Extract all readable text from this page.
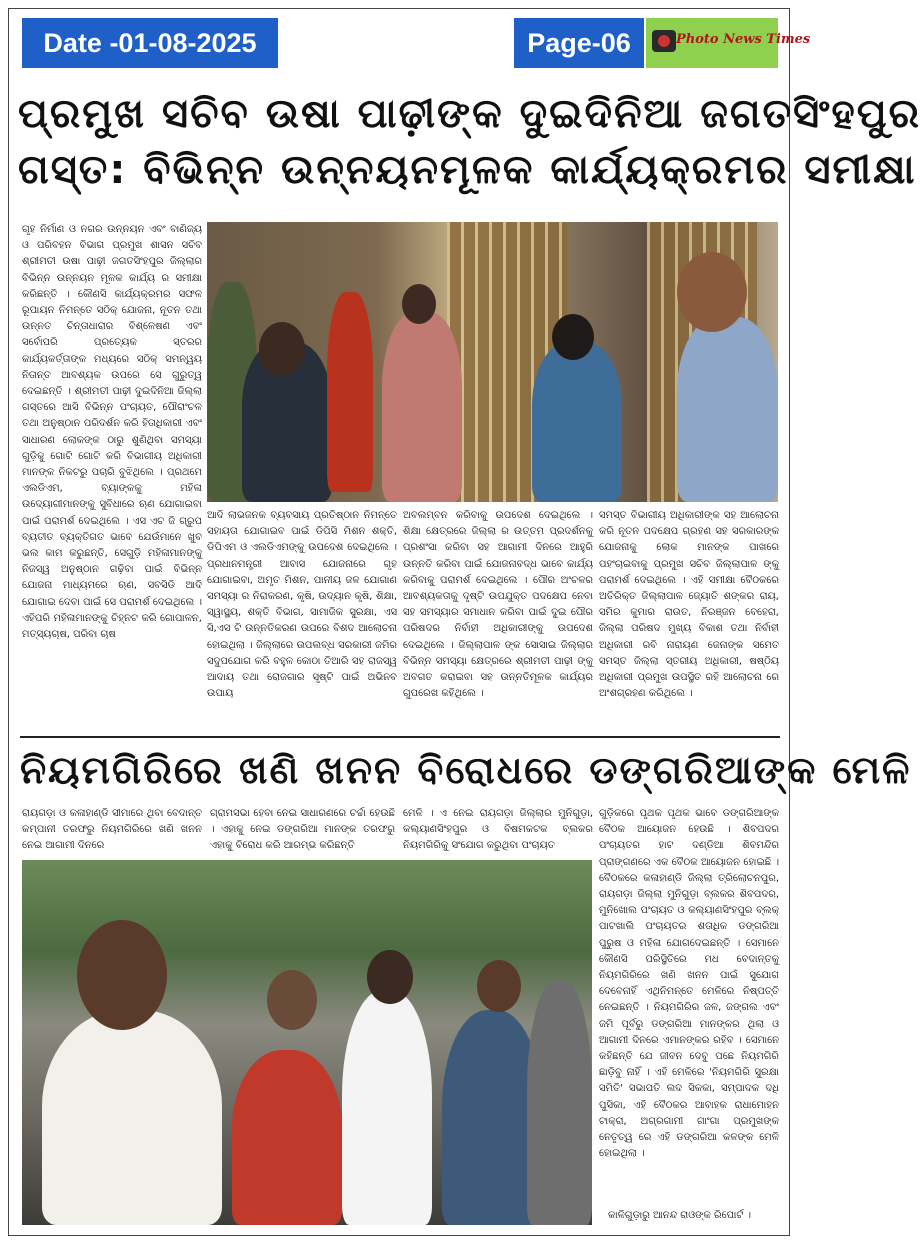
Date -01-08-2025	Page-06	Photo News Times
ପ୍ରମୁଖ ସଚିବ ଉଷା ପାଢ଼ୀଙ୍କ ଦୁଇଦିନିଆ ଜଗତସିଂହପୁର
ଗସ୍ତ: ବିଭିନ୍ନ ଉନ୍ନୟନମୂଳକ କାର୍ଯ୍ୟକ୍ରମର ସମୀକ୍ଷା
ଗୃହ ନିର୍ମାଣ ଓ ନଗର ଉନ୍ନୟନ ଏବଂ ବାଣିଜ୍ୟ ଓ ପରିବହନ ବିଭାଗ ପ୍ରମୁଖ ଶାସନ ସଚିବ ଶ୍ରୀମତୀ ଉଷା ପାଢ଼ୀ ଜଗତସିଂହପୁର ଜିଲ୍ଲାର ବିଭିନ୍ନ ଉନ୍ନୟନ ମୂଳକ କାର୍ଯ୍ୟ ର ସମୀକ୍ଷା କରିଛନ୍ତି । କୌଣସି କାର୍ଯ୍ୟକ୍ରମର ସଫଳ ରୂପାୟନ ନିମନ୍ତେ ସଠିକ୍ ଯୋଜନା, ନୂତନ ତଥା ଉନ୍ନତ ଚିନ୍ତାଧାରାର ବିଶ୍ଳେଷଣ ଏବଂ ସର୍ବୋପରି ପ୍ରତ୍ୟେକ ସ୍ତରର କାର୍ଯ୍ୟକର୍ତ୍ତାଙ୍କ ମଧ୍ୟରେ ସଠିକ୍ ସମନ୍ୱୟ ନିତାନ୍ତ ଆବଶ୍ୟକ ଉପରେ ସେ ଗୁରୁତ୍ୱ ଦେଇଛନ୍ତି । ଶ୍ରୀମତୀ ପାଢ଼ୀ ଦୁଇଦିନିଆ ଜିଲ୍ଲା ଗସ୍ତରେ ଆସି ବିଭିନ୍ନ ପଂଚାୟତ, ପୌରାଂଚଳ ତଥା ଅନୁଷ୍ଠାନ ପରିଦର୍ଶନ କରି ହିତାଧିକାରୀ ଏବଂ ସାଧାରଣ ଲୋକଙ୍କ ଠାରୁ ଶୁଣିଥିବା ସମସ୍ୟା ଗୁଡ଼ିକୁ ଗୋଟି ଗୋଟି କରି ବିଭାଗୀୟ ଅଧିକାରୀ ମାନଙ୍କ ନିକଟରୁ ପଚାରି ବୁଝିଥିଲେ । ପ୍ରଥମେ ଏଲଡିଏମ, ବ୍ୟାଙ୍କକୁ ମହିଳା ଉଦ୍ୟୋଗୀମାନଙ୍କୁ ସୁବିଧାରେ ଋଣ ଯୋଗାଇବା ପାଇଁ ପରାମର୍ଶ ଦେଇଥିଲେ । ଏସ ଏଚ ଜି ଗ୍ରୁପ ବ୍ୟତୀତ ବ୍ୟକ୍ତିଗତ ଭାବେ ଯେଉଁମାନେ ଖୁବ ଭଲ କାମ କରୁଛନ୍ତି, ସେଗୁଡ଼ି ମହିଳାମାନଙ୍କୁ ନିଜସ୍ୱ ଅନୁଷ୍ଠାନ ଗଢ଼ିବା ପାଇଁ ବିଭିନ୍ନ ଯୋଜନା ମାଧ୍ୟମରେ ଋଣ, ସବସିଡି ଆଦି ଯୋଗାଇ ଦେବା ପାଇଁ ସେ ପରାମର୍ଶ ଦେଇଥିଲେ । ଏହିପରି ମହିଳାମାନଙ୍କୁ ଚିହ୍ନଟ କରି ଗୋପାଳନ, ମତ୍ସ୍ୟଚାଷ, ପରିବା ଚାଷ
ଆଦି ଲାଭଜନକ ବ୍ୟବସାୟ ପ୍ରତିଷ୍ଠାନ ନିମନ୍ତେ ସହାୟତା ଯୋଗାଇବ ପାଇଁ ଡିପିସି ମିଶନ ଶକ୍ତି, ଡିପିଏମ ଓ ଏଲଡିଏମଙ୍କୁ ଉପଦେଶ ଦେଇଥିଲେ । ପ୍ରଧାନମନ୍ତ୍ରୀ ଆବାସ ଯୋଜନାରେ ଗୃହ ଯୋଗାଇବା, ଅମୃତ ମିଶନ, ପାନୀୟ ଜଳ ଯୋଗାଣ ସମସ୍ୟା ର ନିରାକରଣ, କୃଷି, ଉଦ୍ୟାନ କୃଷି, ଶିକ୍ଷା, ସ୍ୱାସ୍ଥ୍ୟ, ଶକ୍ତି ବିଭାଗ, ସାମାଜିକ ସୁରକ୍ଷା, ଏସ ସି,ଏସ ଟି ଉନ୍ନତିକରଣ ଉପରେ ବିଶଦ ଆଲୋଚନା ହୋଇଥିଲା । ଜିଲ୍ଲାରେ ଉପଲବ୍ଧ ସରକାରୀ ଜମିର ସଦୁପଯୋଗ କରି ବହୁଳ କୋଠା ତିଆରି ସହ ରାଜସ୍ୱ ଆଦାୟ ତଥା ରୋଜଗାର ସୃଷ୍ଟି ପାଇଁ ଅଭିନବ ଉପାୟ
ଅବଲମ୍ବନ କରିବାକୁ ଉପଦେଶ ଦେଇଥିଲେ । ଶିକ୍ଷା କ୍ଷେତ୍ରରେ ଜିଲ୍ଲା ର ଉତ୍ତମ ପ୍ରଦର୍ଶନକୁ ପ୍ରଶଂସା କରିବା ସହ ଆଗାମୀ ଦିନରେ ଆହୁରି ଉନ୍ନତି କରିବା ପାଇଁ ଯୋଜନାବଦ୍ଧ ଭାବେ କାର୍ଯ୍ୟ କରିବାକୁ ପରାମର୍ଶ ଦେଇଥିଲେ । ପୌର ଅଂଚଳର ଆବଶ୍ୟକତାକୁ ଦୃଷ୍ଟି ଉପଯୁକ୍ତ ପଦକ୍ଷେପ ନେବା ସହ ସମସ୍ୟାର ସମାଧାନ କରିବା ପାଇଁ ଦୁଇ ପୌର ପରିଷଦର ନିର୍ବାହୀ ଅଧିକାରୀଙ୍କୁ ଉପଦେଶ ଦେଇଥିଲେ । ଜିଲ୍ଲାପାଳ ଙ୍କ ସୋସାଇ ଜିଲ୍ଲାର ବିଭିନ୍ନ ସମସ୍ୟା କ୍ଷେତ୍ରରେ ଶ୍ରୀମତୀ ପାଢ଼ୀ ଙ୍କୁ ଅବଗତ କରାଇବା ସହ ଉନ୍ନତିମୂଳକ କାର୍ଯ୍ୟର ଗୁପରେଖ କହିଥିଲେ ।
ସମସ୍ତ ବିଭାଗୀୟ ଅଧିକାରୀଙ୍କ ସହ ଆଲୋଚନା କରି ନୂତନ ପଦକ୍ଷେପ ଗ୍ରହଣ ସହ ସରକାରଙ୍କ ଯୋଜନାକୁ ଲୋକ ମାନଙ୍କ ପାଖରେ ପହଂଚାଇବାକୁ ପ୍ରମୁଖ ସଚିବ ଜିଲ୍ଲାପାଳ ଙ୍କୁ ପରାମର୍ଶ ଦେଇଥିଲେ । ଏହି ସମୀକ୍ଷା ବୈଠକରେ ଅତିରିକ୍ତ ଜିଲ୍ଲାପାଳ ଜ୍ୟୋତି ଶଙ୍କର ରାୟ, ସମିର କୁମାର ରାଉତ, ନିରଞ୍ଜନ ବେହେରା, ଜିଲ୍ଲା ପରିଷଦ ମୁଖ୍ୟ ବିକାଶ ତଥା ନିର୍ବାହୀ ଅଧିକାରୀ ରବି ନାରାୟଣ ଜେନାଙ୍କ ସମେତ ସମସ୍ତ ଜିଲ୍ଲା ସ୍ତରୀୟ ଅଧିକାରୀ, ଷଷ୍ଠିୟ ଅଧିକାରୀ ପ୍ରମୁଖ ଉପସ୍ଥିତ ରହି ଆଲୋଚନା ରେ ଅଂଶଗ୍ରହଣ କରିଥିଲେ ।
ନିୟମଗିରିରେ ଖଣି ଖନନ ବିରୋଧରେ ଡଙ୍ଗରିଆଙ୍କ ମେଳି
ରାୟଗଡ଼ା ଓ କଳାହାଣ୍ଡି ସୀମାରେ ଥିବା ବେଦାନ୍ତ କମ୍ପାନୀ ତରଫରୁ ନିୟମଗିରିରେ ଖଣି ଖନନ ନେଇ ଆଗାମୀ ଦିନରେ
ଗ୍ରାମସଭା ହେବା ନେଇ ସାଧାରଣରେ ଚର୍ଚ୍ଚା ହେଉଛି । ଏହାକୁ ନେଇ ଡଙ୍ଗରିଆ ମାନଙ୍କ ତରଫରୁ ଏହାକୁ ବିରୋଧ କରି ଆରମ୍ଭ କରିଛନ୍ତି
ମେଳି । ଏ ନେଇ ରାୟଗଡ଼ା ଜିଲ୍ଲାର ମୁନିଗୁଡ଼ା, କଲ୍ୟାଣସିଂହପୁର ଓ ବିଷମକଟକ ବ୍ଲକର ନିୟମଗିରିକୁ ସଂଯୋଗ କରୁଥିବା ପଂଚାୟତ
ଗୁଡ଼ିକରେ ପୃଥକ ପୃଥକ ଭାବେ ଡଙ୍ଗରିଆଙ୍କ ବୈଠକ ଆୟୋଜନ ହେଉଛି । ଶିବପଦର ପଂଚାୟତର ହାଟ ଦଣ୍ଡିଆ ଶିବମନ୍ଦିର ପ୍ରାଙ୍ଗଣରେ ଏକ ବୈଠକ ଆୟୋଜନ ହୋଇଛି । ବୈଠକରେ କଳାହାଣ୍ଡି ଜିଲ୍ଲା ତ୍ରିଲୋଚନପୁର, ରାୟଗଡ଼ା ଜିଲ୍ଲା ମୁନିଗୁଡ଼ା ବ୍ଲକର ଶିବପଦର, ମୁନିଖୋଲ ପଂଚାୟତ ଓ କଲ୍ୟାଣସିଂହପୁର ବ୍ଲକ୍ ପାଟଖାଲି ପଂଚାୟତର ଶତାଧିକ ଡଙ୍ଗରିଆ ପୁରୁଷ ଓ ମହିଳା ଯୋଗଦେଇଛନ୍ତି । ସେମାନେ କୌଣସି ପରିସ୍ଥିତିରେ ମଧ ବେଦାନ୍ତକୁ ନିୟମଗିରିରେ ଖଣି ଖନନ ପାଇଁ ସୁଯୋଗ ଦେବେନାହିଁ ଏଥିନିମନ୍ତେ ମେଳିରେ ନିଷ୍ପତ୍ତି ନେଇଛନ୍ତି । ନିୟମଗିରିର ଜଳ, ଜଙ୍ଗଲ ଏବଂ ଜମି ପୂର୍ବରୁ ଡଙ୍ଗରିଆ ମାନଙ୍କର ଥିଲା ଓ ଆଗାମୀ ଦିନରେ ଏମାନଙ୍କର ରହିବ । ସେମାନେ କହିଛନ୍ତି ଯେ ଜୀବନ ଦେବୁ ପଛେ ନିୟମଗିରି ଛାଡ଼ିବୁ ନାହିଁ । ଏହି ମେଳିରେ 'ନିୟମଗିରି ସୁରକ୍ଷା ସମିତି' ସଭାପତି ଲଦ ସିକକା, ସମ୍ପାଦକ ଦଧି ପୁସିକା, ଏହି ବୈଠକର ଆବାହକ ରାଧାମୋହନ ଟାକ୍ରା, ଅଗ୍ରଗାମୀ ଗାଂଗା ପ୍ରମୁଖଙ୍କ ନେତୃତ୍ୱ ରେ ଏହି ଡଙ୍ଗରିଆ କଳଙ୍କ ମେଳି ହୋଇଥିଲା ।
କାଳିଗୁଡ଼ାରୁ ଆନନ୍ଦ ରାଓଙ୍କ ରିପୋର୍ଟ ।
